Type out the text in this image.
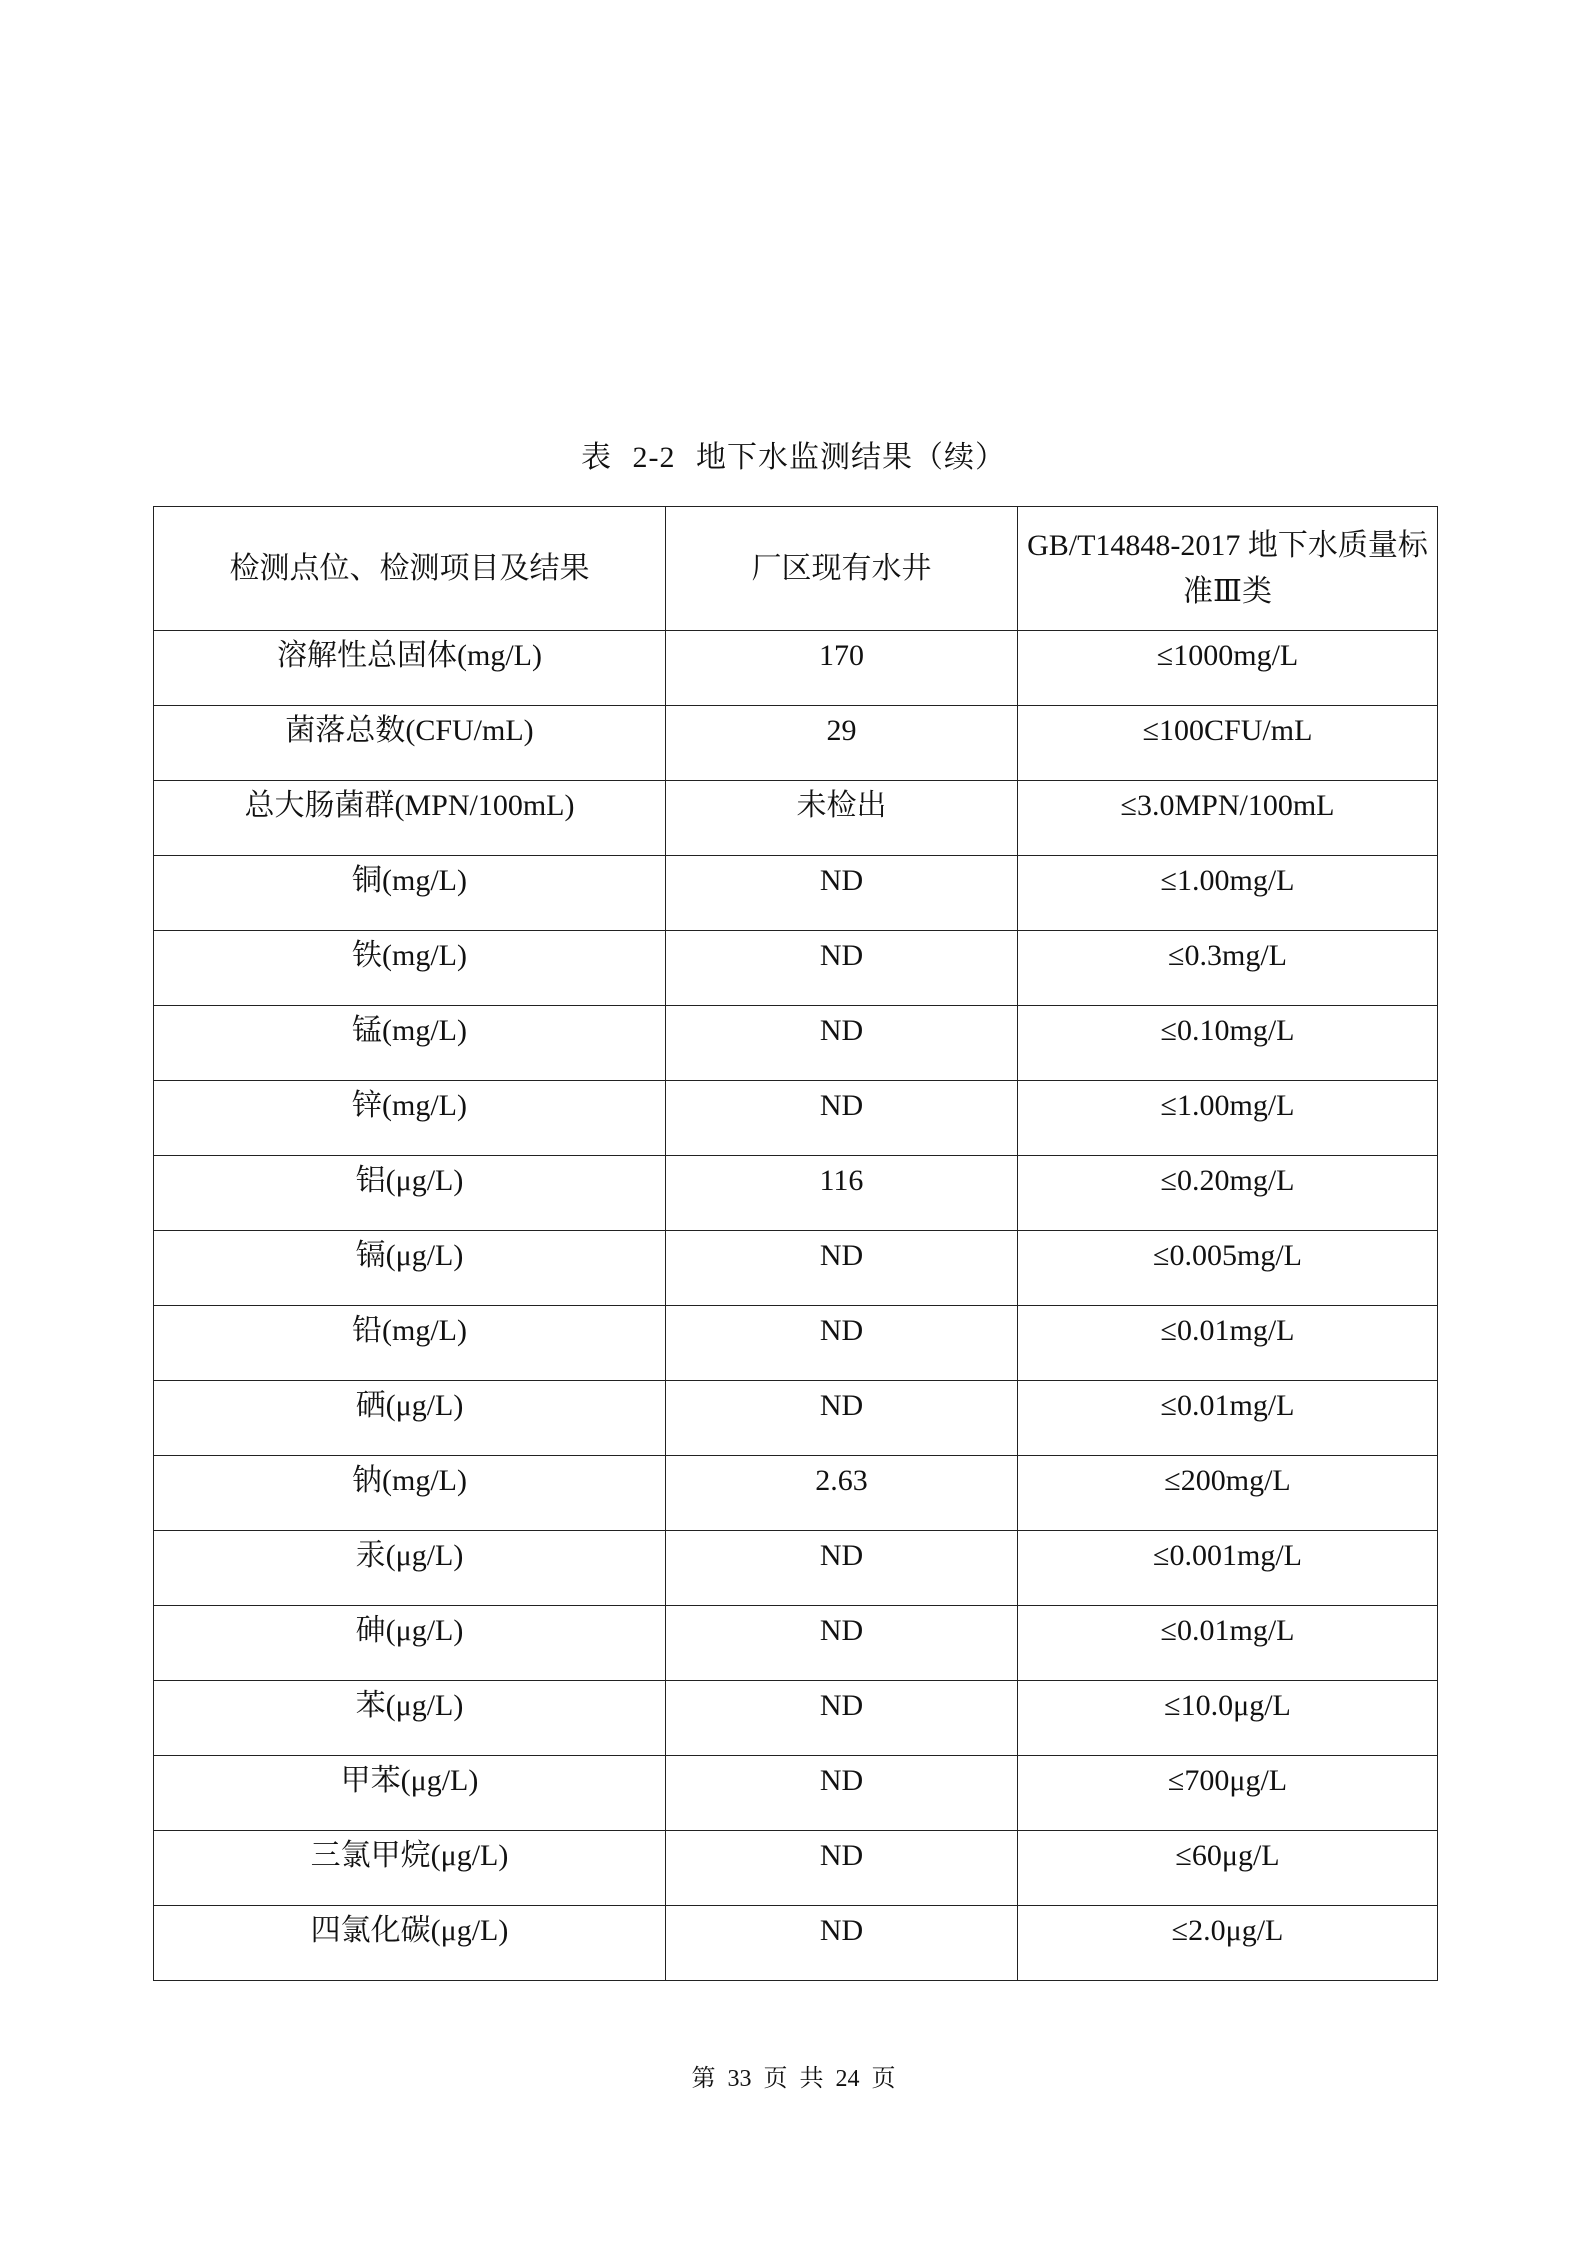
表 2-2 地下水监测结果（续）
检测点位、检测项目及结果	厂区现有水井	GB/T14848-2017 地下水质量标准Ⅲ类
溶解性总固体(mg/L)	170	≤1000mg/L
菌落总数(CFU/mL)	29	≤100CFU/mL
总大肠菌群(MPN/100mL)	未检出	≤3.0MPN/100mL
铜(mg/L)	ND	≤1.00mg/L
铁(mg/L)	ND	≤0.3mg/L
锰(mg/L)	ND	≤0.10mg/L
锌(mg/L)	ND	≤1.00mg/L
铝(μg/L)	116	≤0.20mg/L
镉(μg/L)	ND	≤0.005mg/L
铅(mg/L)	ND	≤0.01mg/L
硒(μg/L)	ND	≤0.01mg/L
钠(mg/L)	2.63	≤200mg/L
汞(μg/L)	ND	≤0.001mg/L
砷(μg/L)	ND	≤0.01mg/L
苯(μg/L)	ND	≤10.0μg/L
甲苯(μg/L)	ND	≤700μg/L
三氯甲烷(μg/L)	ND	≤60μg/L
四氯化碳(μg/L)	ND	≤2.0μg/L
第 33 页 共 24 页
